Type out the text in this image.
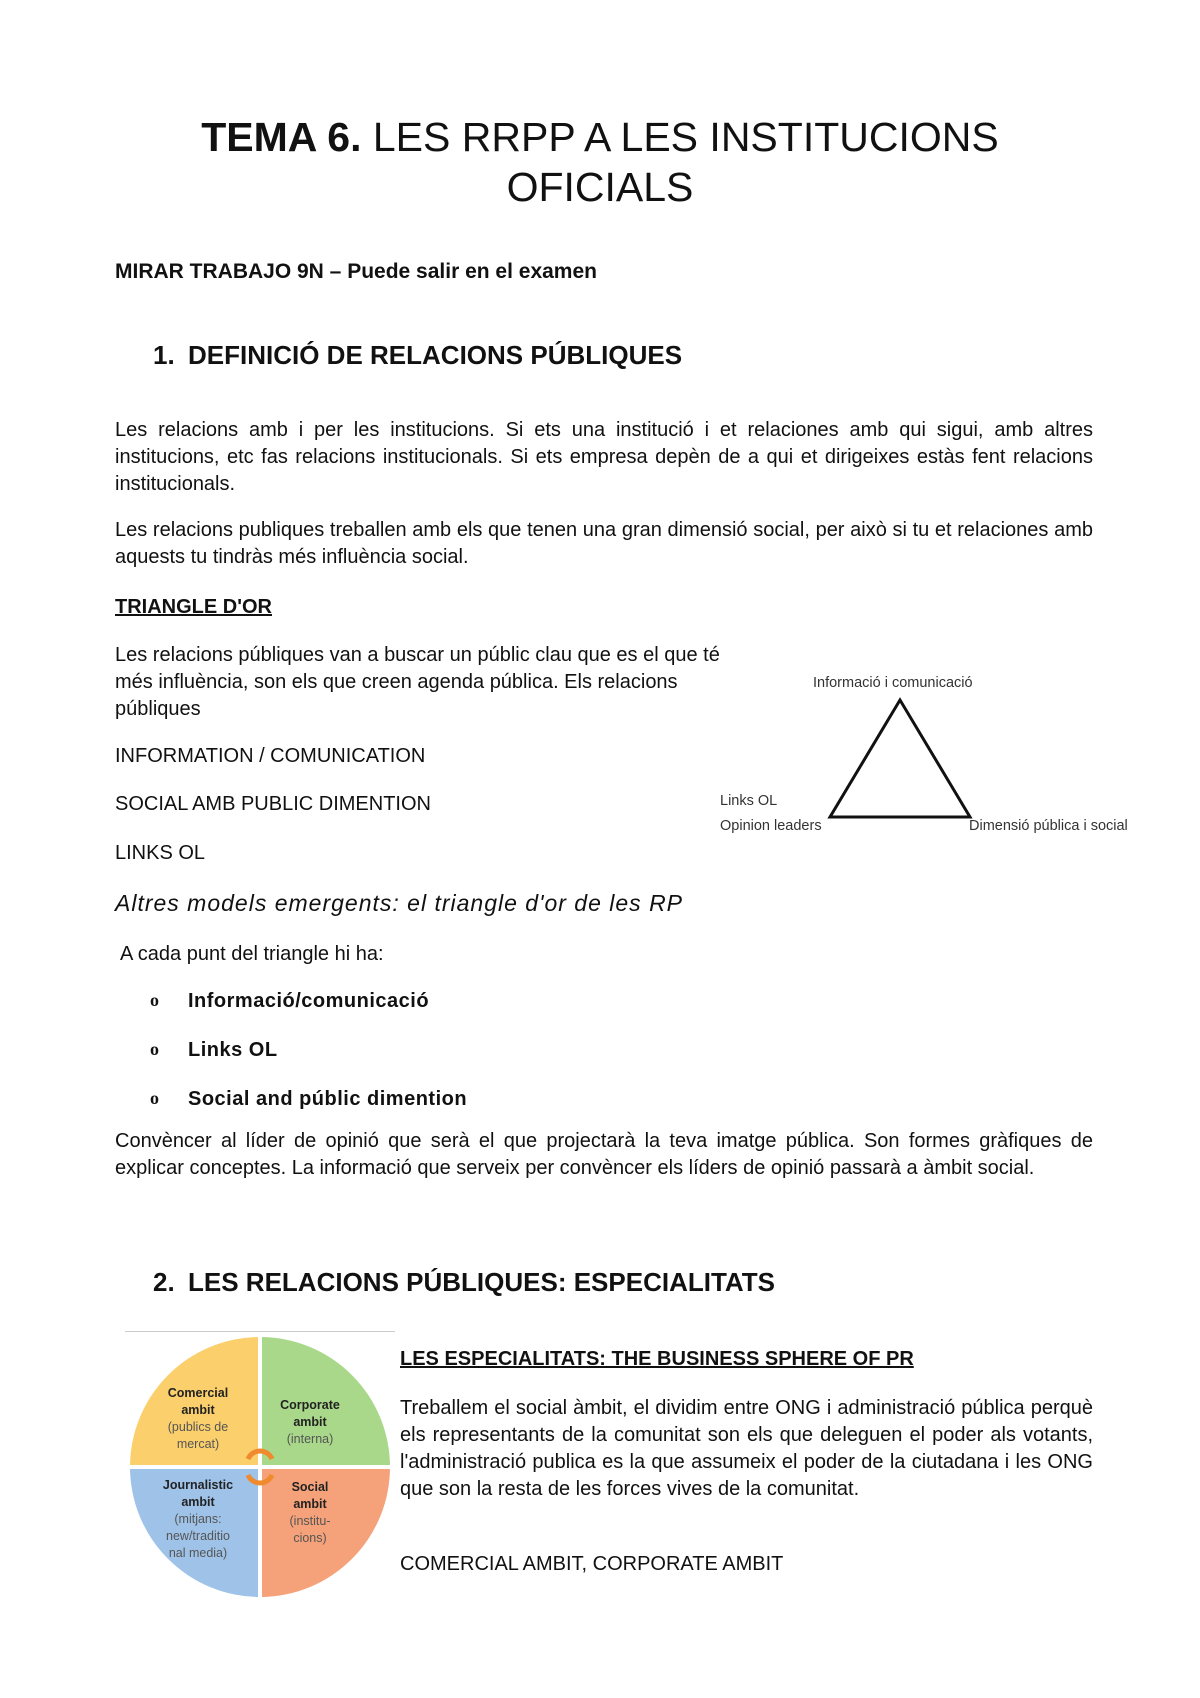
TEMA 6. LES RRPP A LES INSTITUCIONS OFICIALS

MIRAR TRABAJO 9N – Puede salir en el examen

1. DEFINICIÓ DE RELACIONS PÚBLIQUES

Les relacions amb i per les institucions. Si ets una institució i et relaciones amb qui sigui, amb altres institucions, etc fas relacions institucionals. Si ets empresa depèn de a qui et dirigeixes estàs fent relacions institucionals.

Les relacions publiques treballen amb els que tenen una gran dimensió social, per això si tu et relaciones amb aquests tu tindràs més influència social.

TRIANGLE D'OR

Les relacions públiques van a buscar un públic clau que es el que té més influència, son els que creen agenda pública. Els relacions públiques

INFORMATION / COMUNICATION

SOCIAL AMB PUBLIC DIMENTION

LINKS OL

Altres models emergents: el triangle d'or de les RP

A cada punt del triangle hi ha:

o	Informació/comunicació
o	Links OL
o	Social and públic dimention

Convèncer al líder de opinió que serà el que projectarà la teva imatge pública. Son formes gràfiques de explicar conceptes. La informació que serveix per convèncer els líders de opinió passarà a àmbit social.

Informació i comunicació
Links OL
Opinion leaders	Dimensió pública i social
2. LES RELACIONS PÚBLIQUES: ESPECIALITATS
Comercial
ambit
(publics de
mercat)
Corporate
ambit
(interna)
Journalistic
ambit
(mitjans:
new/traditio
nal media)
Social
ambit
(institu-
cions)

LES ESPECIALITATS: THE BUSINESS SPHERE OF PR

Treballem el social àmbit, el dividim entre ONG i administració pública perquè els representants de la comunitat son els que deleguen el poder als votants, l'administració publica es la que assumeix el poder de la ciutadana i les ONG que son la resta de les forces vives de la comunitat.

COMERCIAL AMBIT, CORPORATE AMBIT
